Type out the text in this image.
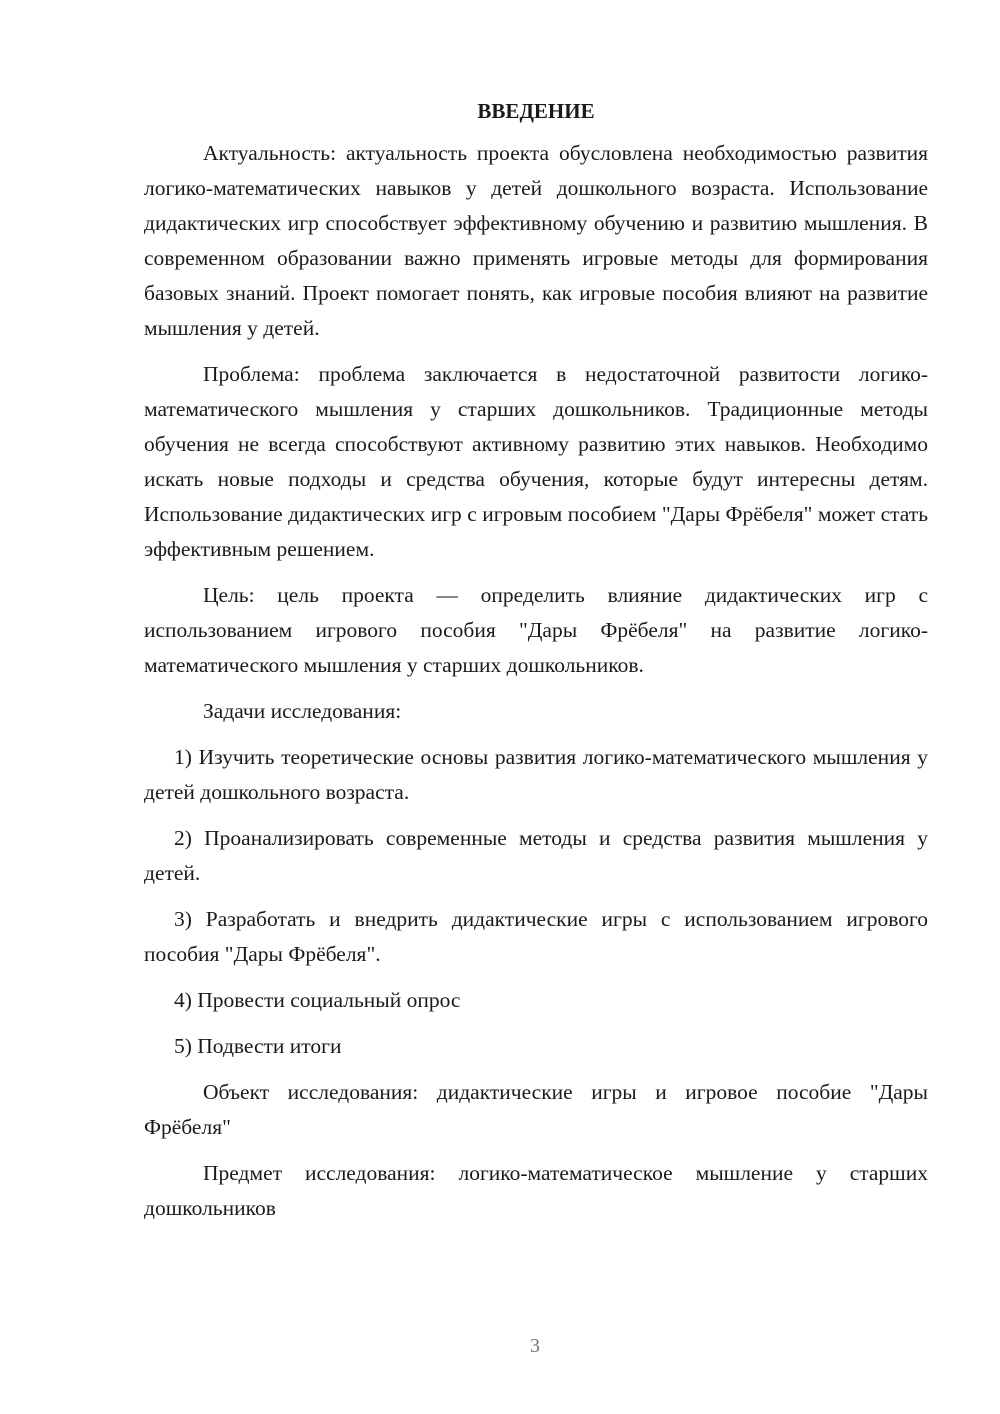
ВВЕДЕНИЕ

Актуальность: актуальность проекта обусловлена необходимостью развития логико-математических навыков у детей дошкольного возраста. Использование дидактических игр способствует эффективному обучению и развитию мышления. В современном образовании важно применять игровые методы для формирования базовых знаний. Проект помогает понять, как игровые пособия влияют на развитие мышления у детей.

Проблема: проблема заключается в недостаточной развитости логико-математического мышления у старших дошкольников. Традиционные методы обучения не всегда способствуют активному развитию этих навыков. Необходимо искать новые подходы и средства обучения, которые будут интересны детям. Использование дидактических игр с игровым пособием "Дары Фрёбеля" может стать эффективным решением.

Цель: цель проекта — определить влияние дидактических игр с использованием игрового пособия "Дары Фрёбеля" на развитие логико-математического мышления у старших дошкольников.

Задачи исследования:

1) Изучить теоретические основы развития логико-математического мышления у детей дошкольного возраста.

2) Проанализировать современные методы и средства развития мышления у детей.

3) Разработать и внедрить дидактические игры с использованием игрового пособия "Дары Фрёбеля".

4) Провести социальный опрос

5) Подвести итоги

Объект исследования: дидактические игры и игровое пособие "Дары Фрёбеля"

Предмет исследования: логико-математическое мышление у старших дошкольников

3
